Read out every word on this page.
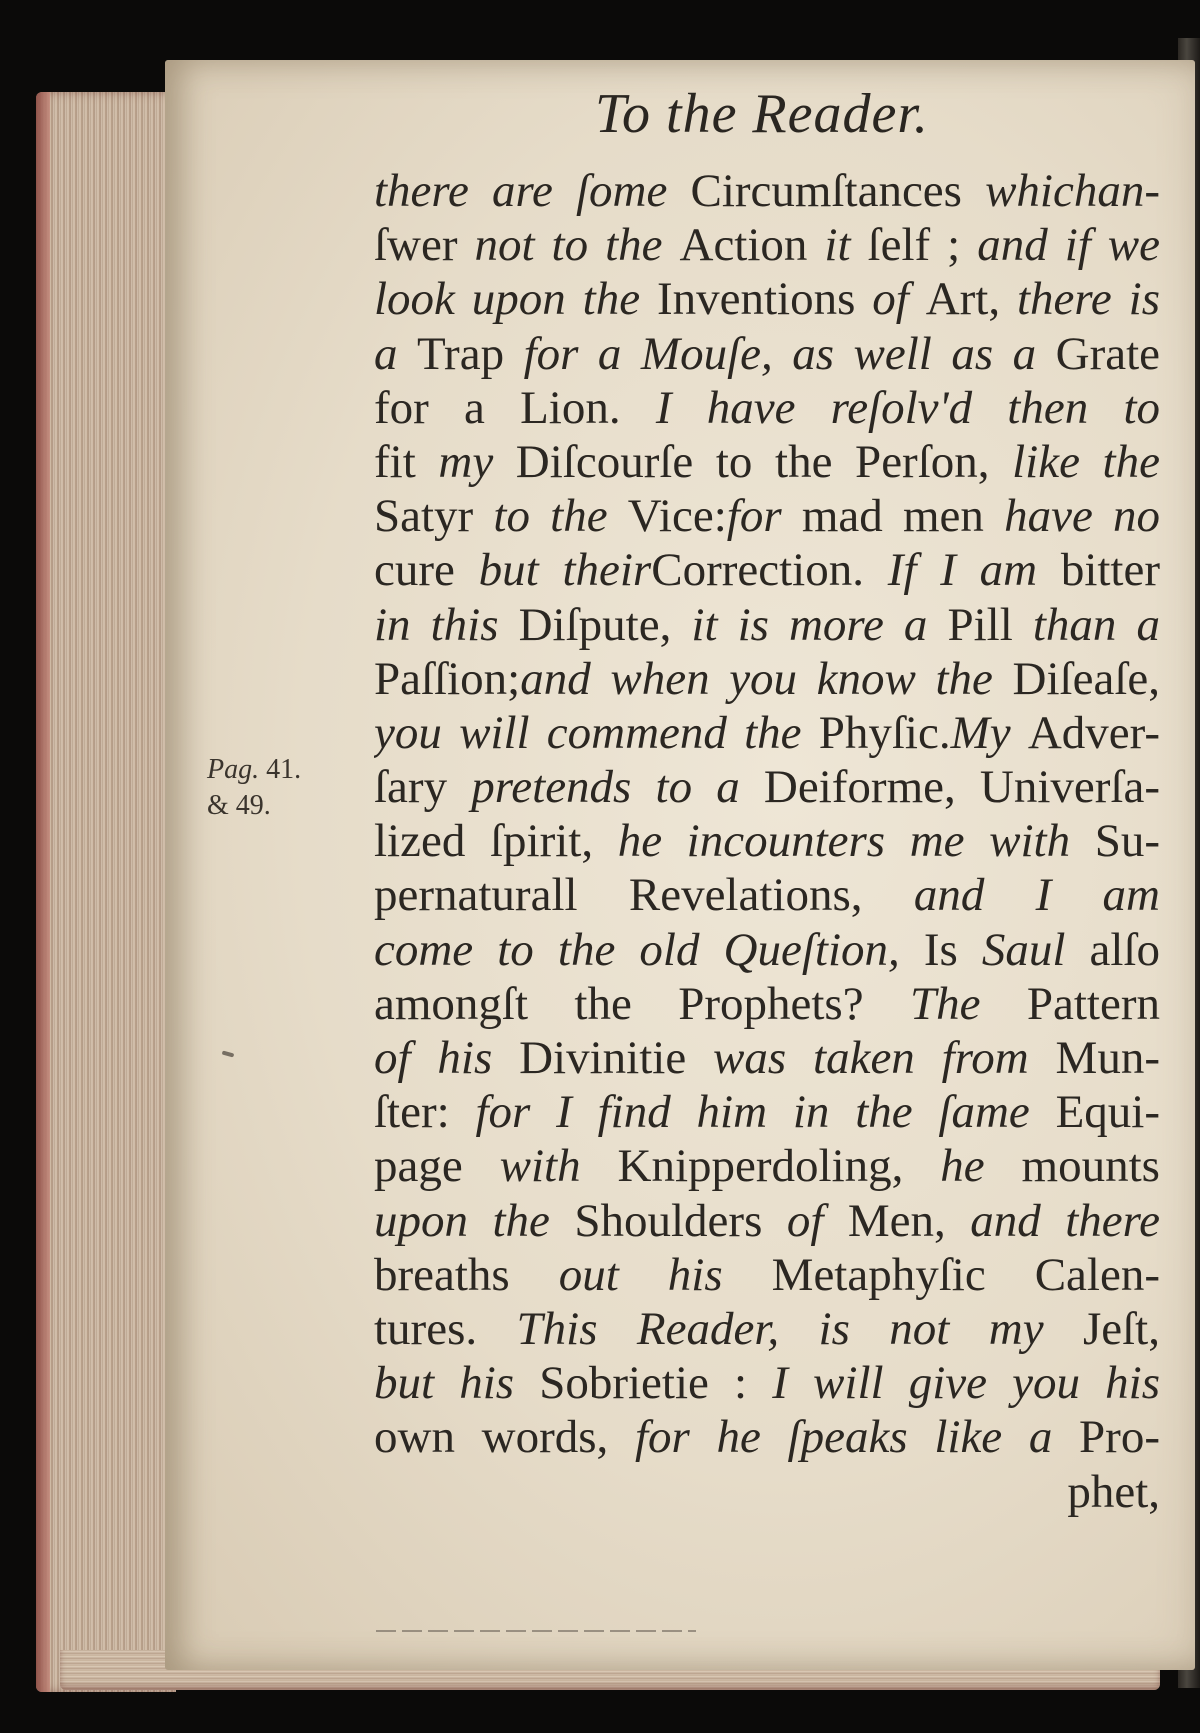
To the Reader.
Pag. 41.
& 49.
there are ſome Circumſtances whichan-
ſwer not to the Action it ſelf ; and if we
look upon the Inventions of Art, there is
a Trap for a Mouſe, as well as a Grate
for a Lion. I have reſolv'd then to
fit my Diſcourſe to the Perſon, like the
Satyr to the Vice:for mad men have no
cure but theirCorrection. If I am bitter
in this Diſpute, it is more a Pill than a
Paſſion;and when you know the Diſeaſe,
you will commend the Phyſic.My Adver-
ſary pretends to a Deiforme, Univerſa-
lized ſpirit, he incounters me with Su-
pernaturall Revelations, and I am
come to the old Queſtion, Is Saul alſo
amongſt the Prophets? The Pattern
of his Divinitie was taken from Mun-
ſter: for I find him in the ſame Equi-
page with Knipperdoling, he mounts
upon the Shoulders of Men, and there
breaths out his Metaphyſic Calen-
tures. This Reader, is not my Jeſt,
but his Sobrietie : I will give you his
own words, for he ſpeaks like a Pro-
phet,
